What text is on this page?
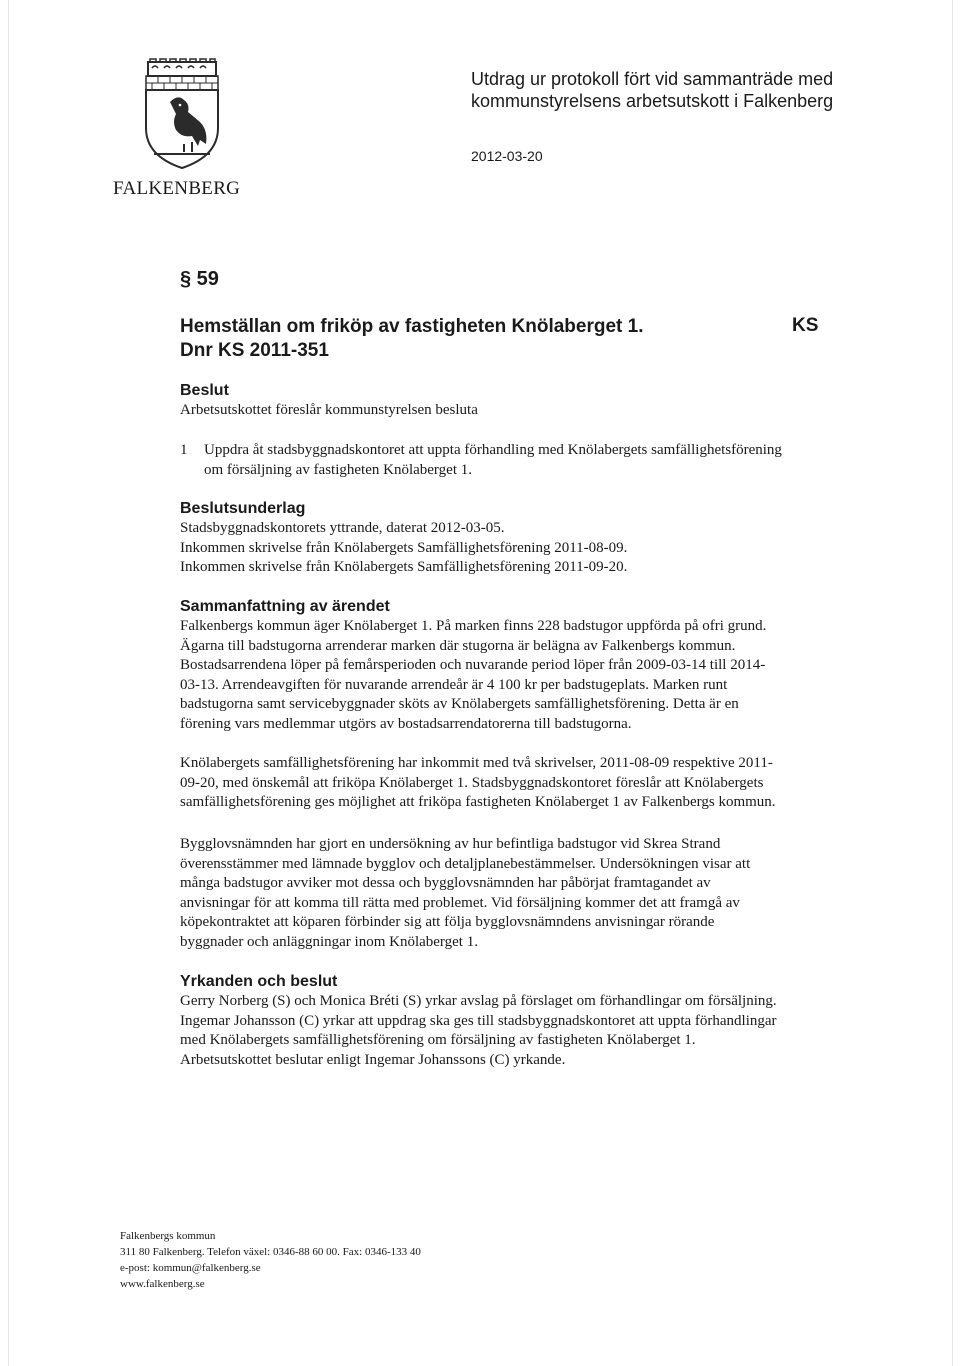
FALKENBERG
Utdrag ur protokoll fört vid sammanträde med
kommunstyrelsens arbetsutskott i Falkenberg
2012-03-20
§ 59
Hemställan om friköp av fastigheten Knölaberget 1.
Dnr KS 2011-351
KS
Beslut
Arbetsutskottet föreslår kommunstyrelsen besluta
1 Uppdra åt stadsbyggnadskontoret att uppta förhandling med Knölabergets samfällighetsförening
om försäljning av fastigheten Knölaberget 1.
Beslutsunderlag
Stadsbyggnadskontorets yttrande, daterat 2012-03-05.
Inkommen skrivelse från Knölabergets Samfällighetsförening 2011-08-09.
Inkommen skrivelse från Knölabergets Samfällighetsförening 2011-09-20.
Sammanfattning av ärendet
Falkenbergs kommun äger Knölaberget 1. På marken finns 228 badstugor uppförda på ofri grund.
Ägarna till badstugorna arrenderar marken där stugorna är belägna av Falkenbergs kommun.
Bostadsarrendena löper på femårsperioden och nuvarande period löper från 2009-03-14 till 2014-
03-13. Arrendeavgiften för nuvarande arrendeår är 4 100 kr per badstugeplats. Marken runt
badstugorna samt servicebyggnader sköts av Knölabergets samfällighetsförening. Detta är en
förening vars medlemmar utgörs av bostadsarrendatorerna till badstugorna.
Knölabergets samfällighetsförening har inkommit med två skrivelser, 2011-08-09 respektive 2011-
09-20, med önskemål att friköpa Knölaberget 1. Stadsbyggnadskontoret föreslår att Knölabergets
samfällighetsförening ges möjlighet att friköpa fastigheten Knölaberget 1 av Falkenbergs kommun.
Bygglovsnämnden har gjort en undersökning av hur befintliga badstugor vid Skrea Strand
överensstämmer med lämnade bygglov och detaljplanebestämmelser. Undersökningen visar att
många badstugor avviker mot dessa och bygglovsnämnden har påbörjat framtagandet av
anvisningar för att komma till rätta med problemet. Vid försäljning kommer det att framgå av
köpekontraktet att köparen förbinder sig att följa bygglovsnämndens anvisningar rörande
byggnader och anläggningar inom Knölaberget 1.
Yrkanden och beslut
Gerry Norberg (S) och Monica Bréti (S) yrkar avslag på förslaget om förhandlingar om försäljning.
Ingemar Johansson (C) yrkar att uppdrag ska ges till stadsbyggnadskontoret att uppta förhandlingar
med Knölabergets samfällighetsförening om försäljning av fastigheten Knölaberget 1.
Arbetsutskottet beslutar enligt Ingemar Johanssons (C) yrkande.
Falkenbergs kommun
311 80 Falkenberg. Telefon växel: 0346-88 60 00. Fax: 0346-133 40
e-post: kommun@falkenberg.se
www.falkenberg.se
